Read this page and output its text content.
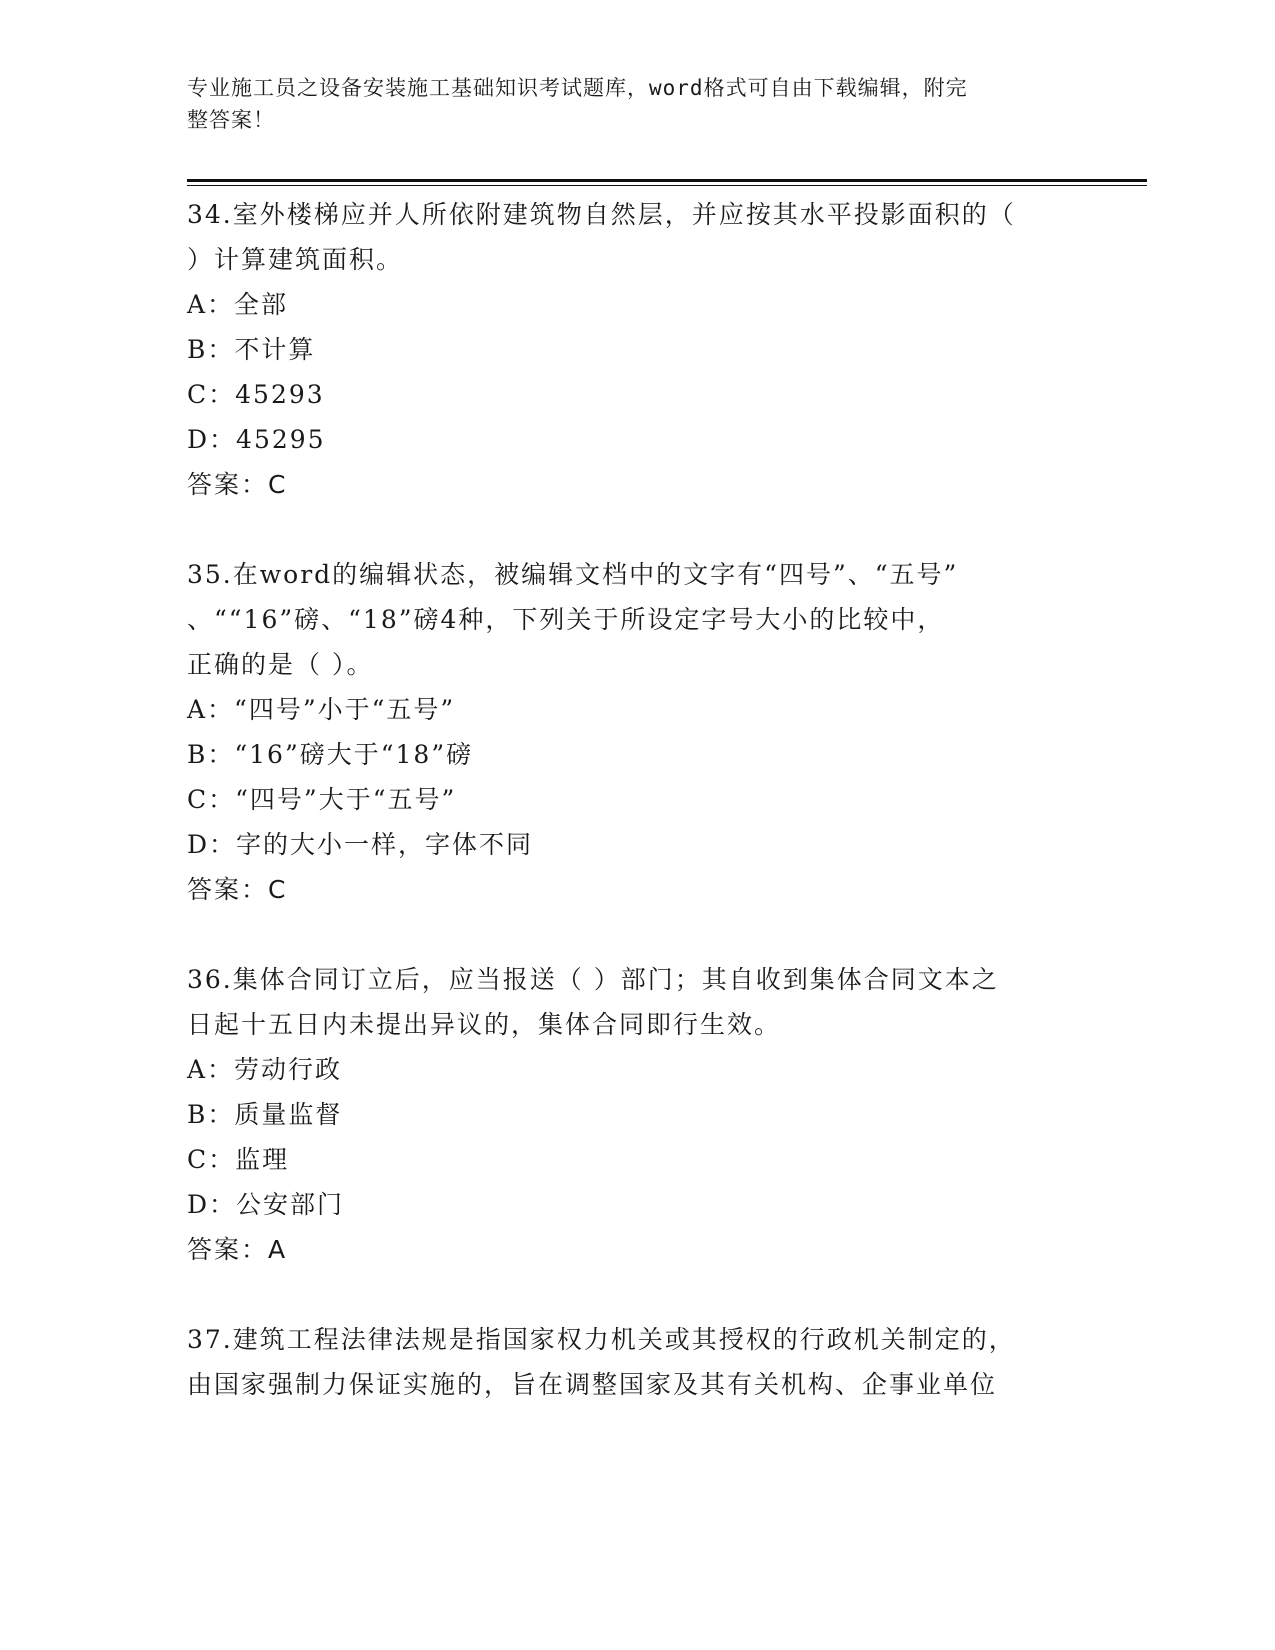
专业施工员之设备安装施工基础知识考试题库，word格式可自由下载编辑，附完
整答案！

34.室外楼梯应并人所依附建筑物自然层，并应按其水平投影面积的（

）计算建筑面积。

A：全部

B：不计算

C：45293

D：45295

答案：C

35.在word的编辑状态，被编辑文档中的文字有“四号”、“五号”

、““16”磅、“18”磅4种，下列关于所设定字号大小的比较中，

正确的是（ ）。

A：“四号”小于“五号”

B：“16”磅大于“18”磅

C：“四号”大于“五号”

D：字的大小一样，字体不同

答案：C

36.集体合同订立后，应当报送（ ）部门；其自收到集体合同文本之

日起十五日内未提出异议的，集体合同即行生效。

A：劳动行政

B：质量监督

C：监理

D：公安部门

答案：A

37.建筑工程法律法规是指国家权力机关或其授权的行政机关制定的，

由国家强制力保证实施的，旨在调整国家及其有关机构、企事业单位
